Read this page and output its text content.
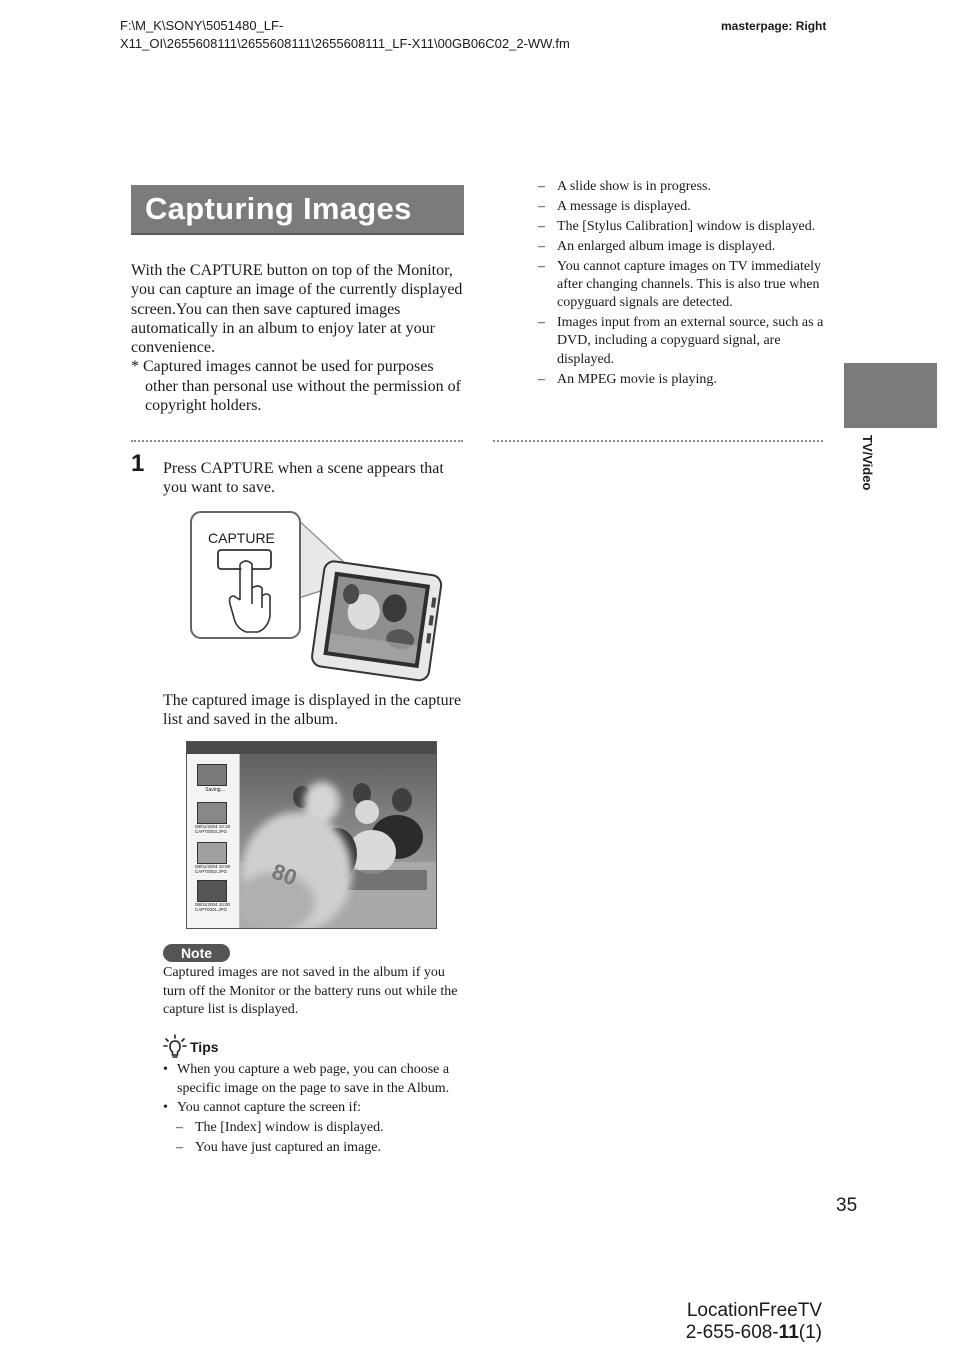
F:\M_K\SONY\5051480_LF-
X11_OI\2655608111\2655608111\2655608111_LF-X11\00GB06C02_2-WW.fm
masterpage: Right
Capturing Images

With the CAPTURE button on top of the Monitor, you can capture an image of the currently displayed screen.You can then save captured images automatically in an album to enjoy later at your convenience.

* Captured images cannot be used for purposes other than personal use without the permission of copyright holders.

1 Press CAPTURE when a scene appears that you want to save.
CAPTURE
The captured image is displayed in the capture list and saved in the album.
80
Saving...
08/01/2004 10:18
CAPT0003.JPG
08/01/2004 10:09
CAPT0002.JPG
08/01/2004 10:00
CAPT0001.JPG
Note
Captured images are not saved in the album if you turn off the Monitor or the battery runs out while the capture list is displayed.
Tips
• When you capture a web page, you can choose a specific image on the page to save in the Album.
• You cannot capture the screen if:
– The [Index] window is displayed.
– You have just captured an image.
– A slide show is in progress.
– A message is displayed.
– The [Stylus Calibration] window is displayed.
– An enlarged album image is displayed.
– You cannot capture images on TV immediately after changing channels. This is also true when copyguard signals are detected.
– Images input from an external source, such as a DVD, including a copyguard signal, are displayed.
– An MPEG movie is playing.
TV/Video
35
LocationFreeTV
2-655-608-11(1)
